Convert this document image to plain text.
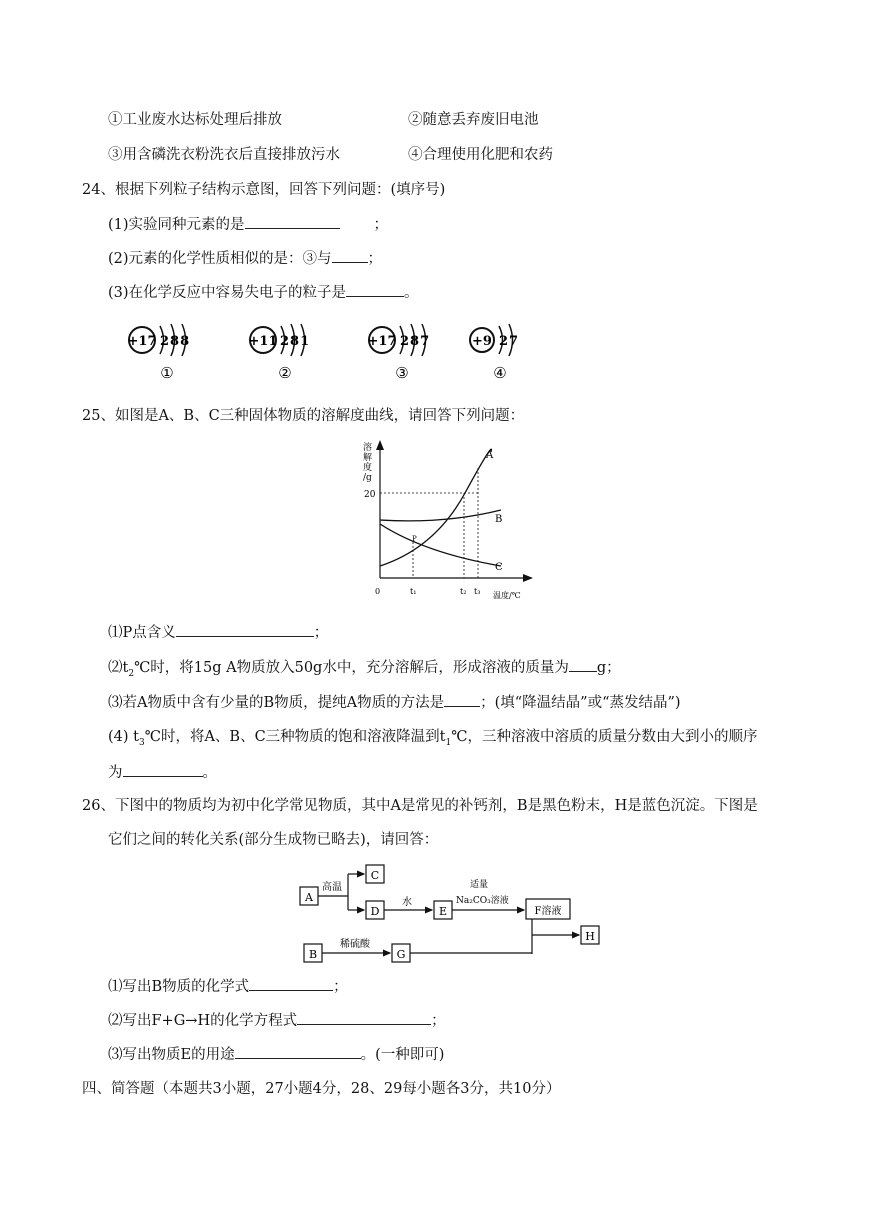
①工业废水达标处理后排放	②随意丢弃废旧电池
③用含磷洗衣粉洗衣后直接排放污水	④合理使用化肥和农药
24、根据下列粒子结构示意图，回答下列问题：(填序号)
(1)实验同种元素的是	；
(2)元素的化学性质相似的是：③与 ；
(3)在化学反应中容易失电子的粒子是	。
+17 288
①
+11 281
②
+17 287
③
+9 27
④
25、如图是A、B、C三种固体物质的溶解度曲线，请回答下列问题：
溶
解
度
/g
20
A
B
C
P
0	t₁	t₂ t₃ 温度/℃
⑴P点含义	；
$⑵t_2℃$时，将15g A物质放入50g水中，充分溶解后，形成溶液的质量为 g；
⑶若A物质中含有少量的B物质，提纯A物质的方法是 ；(填“降温结晶”或“蒸发结晶”)
(4) $t_3℃$时，将A、B、C三种物质的饱和溶液降温到$t_1℃$，三种溶液中溶质的质量分数由大到小的顺序
为	。
26、下图中的物质均为初中化学常见物质，其中A是常见的补钙剂，B是黑色粉末，H是蓝色沉淀。下图是
它们之间的转化关系(部分生成物已略去)，请回答：
A
高温
C
D
水
E
适量
Na₂CO₃溶液
F溶液
H
B
稀硫酸
G
⑴写出B物质的化学式	；
⑵写出F+G→H的化学方程式	；
⑶写出物质E的用途	。(一种即可)
四、简答题（本题共3小题，27小题4分，28、29每小题各3分，共10分）
